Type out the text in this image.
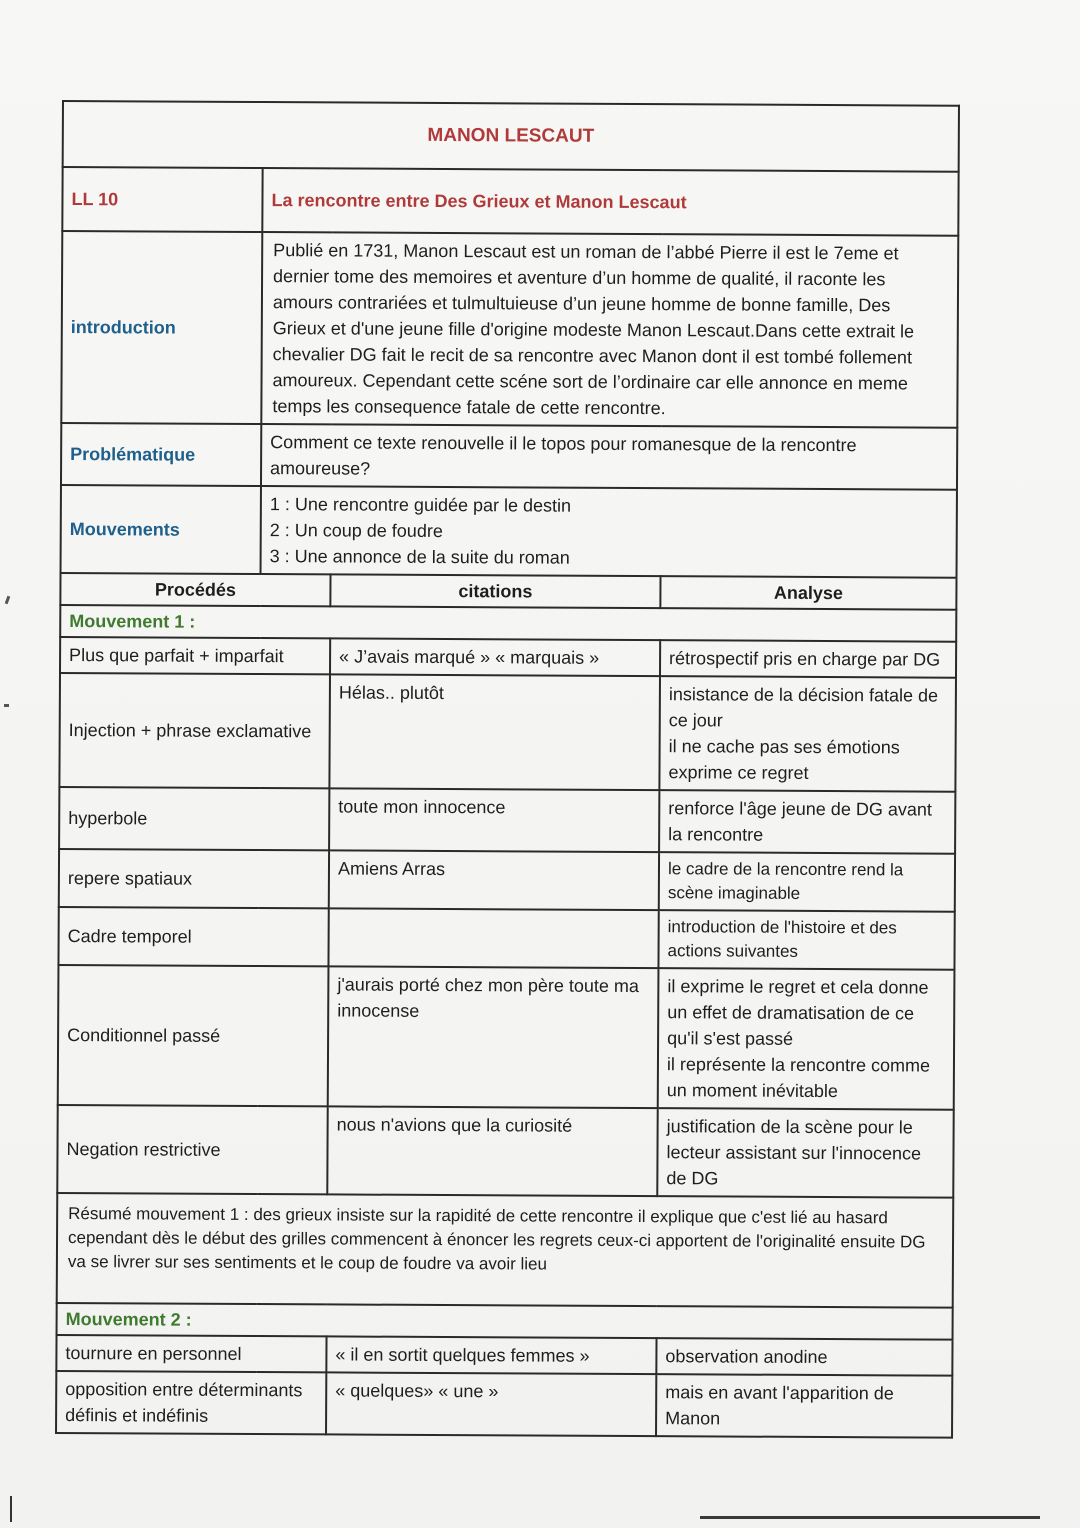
MANON LESCAUT			
LL 10	La rencontre entre Des Grieux et Manon Lescaut		
introduction	Publié en 1731, Manon Lescaut est un roman de l’abbé Pierre il est le 7eme et dernier tome des memoires et aventure d’un homme de qualité, il raconte les amours contrariées et tulmultuieuse d’un jeune homme de bonne famille, Des Grieux et d'une jeune fille d'origine modeste Manon Lescaut.Dans cette extrait le chevalier DG fait le recit de sa rencontre avec Manon dont il est tombé follement amoureux. Cependant cette scéne sort de l’ordinaire car elle annonce en meme temps les consequence fatale de cette rencontre.		
Problématique	Comment ce texte renouvelle il le topos pour romanesque de la rencontre amoureuse?		
Mouvements	1 : Une rencontre guidée par le destin
2 : Un coup de foudre
3 : Une annonce de la suite du roman		

Procédés		citations	Analyse
Mouvement 1 :			
Plus que parfait + imparfait		« J’avais marqué » « marquais »	rétrospectif pris en charge par DG
Injection + phrase exclamative		Hélas.. plutôt	insistance de la décision fatale de ce jour
il ne cache pas ses émotions exprime ce regret
hyperbole		toute mon innocence	renforce l'âge jeune de DG avant la rencontre
repere spatiaux		Amiens Arras	le cadre de la rencontre rend la scène imaginable
Cadre temporel			introduction de l'histoire et des actions suivantes
Conditionnel passé		j'aurais porté chez mon père toute ma innocense	il exprime le regret et cela donne un effet de dramatisation de ce qu'il s'est passé
il représente la rencontre comme un moment inévitable
Negation restrictive		nous n'avions que la curiosité	justification de la scène pour le lecteur assistant sur l'innocence de DG
Résumé mouvement 1 : des grieux insiste sur la rapidité de cette rencontre il explique que c'est lié au hasard cependant dès le début des grilles commencent à énoncer les regrets ceux-ci apportent de l'originalité ensuite DG va se livrer sur ses sentiments et le coup de foudre va avoir lieu			
Mouvement 2 :			
tournure en personnel		« il en sortit quelques femmes »	observation anodine
opposition entre déterminants définis et indéfinis		« quelques» « une »	mais en avant l'apparition de Manon
